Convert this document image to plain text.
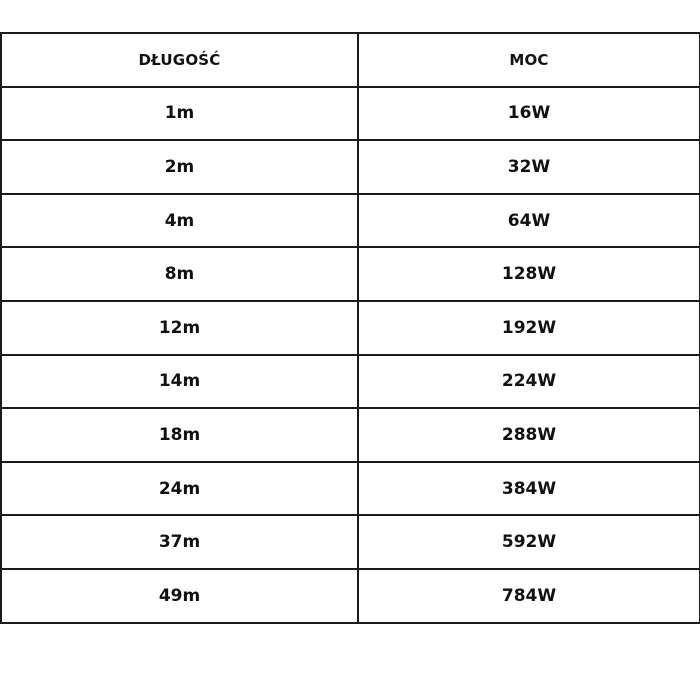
DŁUGOŚĆ	MOC
1m	16W
2m	32W
4m	64W
8m	128W
12m	192W
14m	224W
18m	288W
24m	384W
37m	592W
49m	784W
